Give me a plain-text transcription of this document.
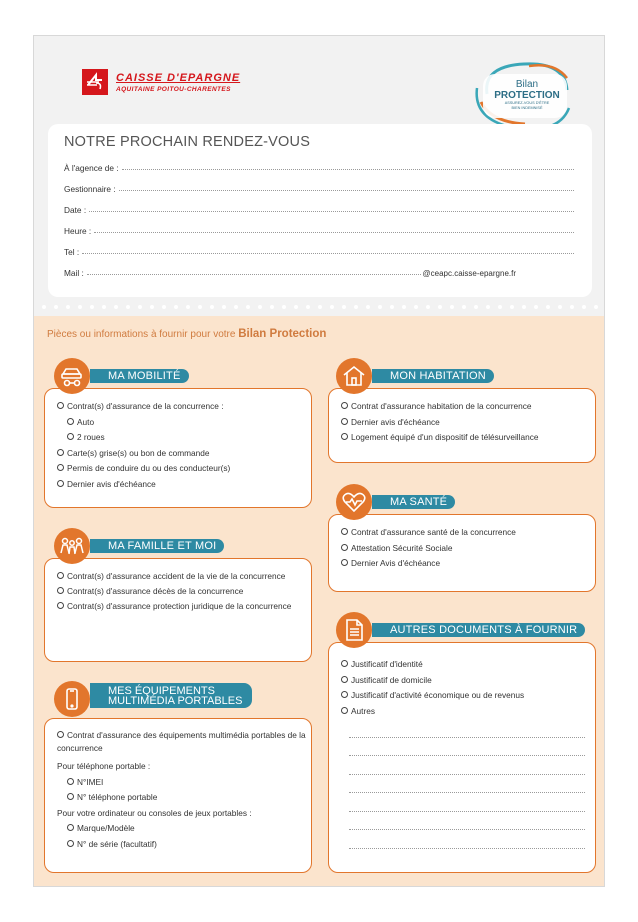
CAISSE D'EPARGNE
AQUITAINE POITOU-CHARENTES	Bilan
PROTECTION
ASSUREZ-VOUS D'ÊTRE
BIEN INDEMNISÉ
NOTRE PROCHAIN RENDEZ-VOUS
À l'agence de :
Gestionnaire :
Date :
Heure :
Tel :
Mail :	@ceapc.caisse-epargne.fr
Pièces ou informations à fournir pour votre Bilan Protection
Contrat(s) d'assurance de la concurrence :
Auto
2 roues
Carte(s) grise(s) ou bon de commande
Permis de conduire du ou des conducteur(s)
Dernier avis d'échéance
MA MOBILITÉ
Contrat(s) d'assurance accident de la vie de la concurrence
Contrat(s) d'assurance décès de la concurrence
Contrat(s) d'assurance protection juridique de la concurrence
MA FAMILLE ET MOI
Contrat d'assurance des équipements multimédia portables de la concurrence
Pour téléphone portable :
N°IMEI
N° téléphone portable
Pour votre ordinateur ou consoles de jeux portables :
Marque/Modèle
N° de série (facultatif)
MES ÉQUIPEMENTS
MULTIMÉDIA PORTABLES
Contrat d'assurance habitation de la concurrence
Dernier avis d'échéance
Logement équipé d'un dispositif de télésurveillance
MON HABITATION
Contrat d'assurance santé de la concurrence
Attestation Sécurité Sociale
Dernier Avis d'échéance
MA SANTÉ
Justificatif d'identité
Justificatif de domicile
Justificatif d'activité économique ou de revenus
Autres
AUTRES DOCUMENTS À FOURNIR
